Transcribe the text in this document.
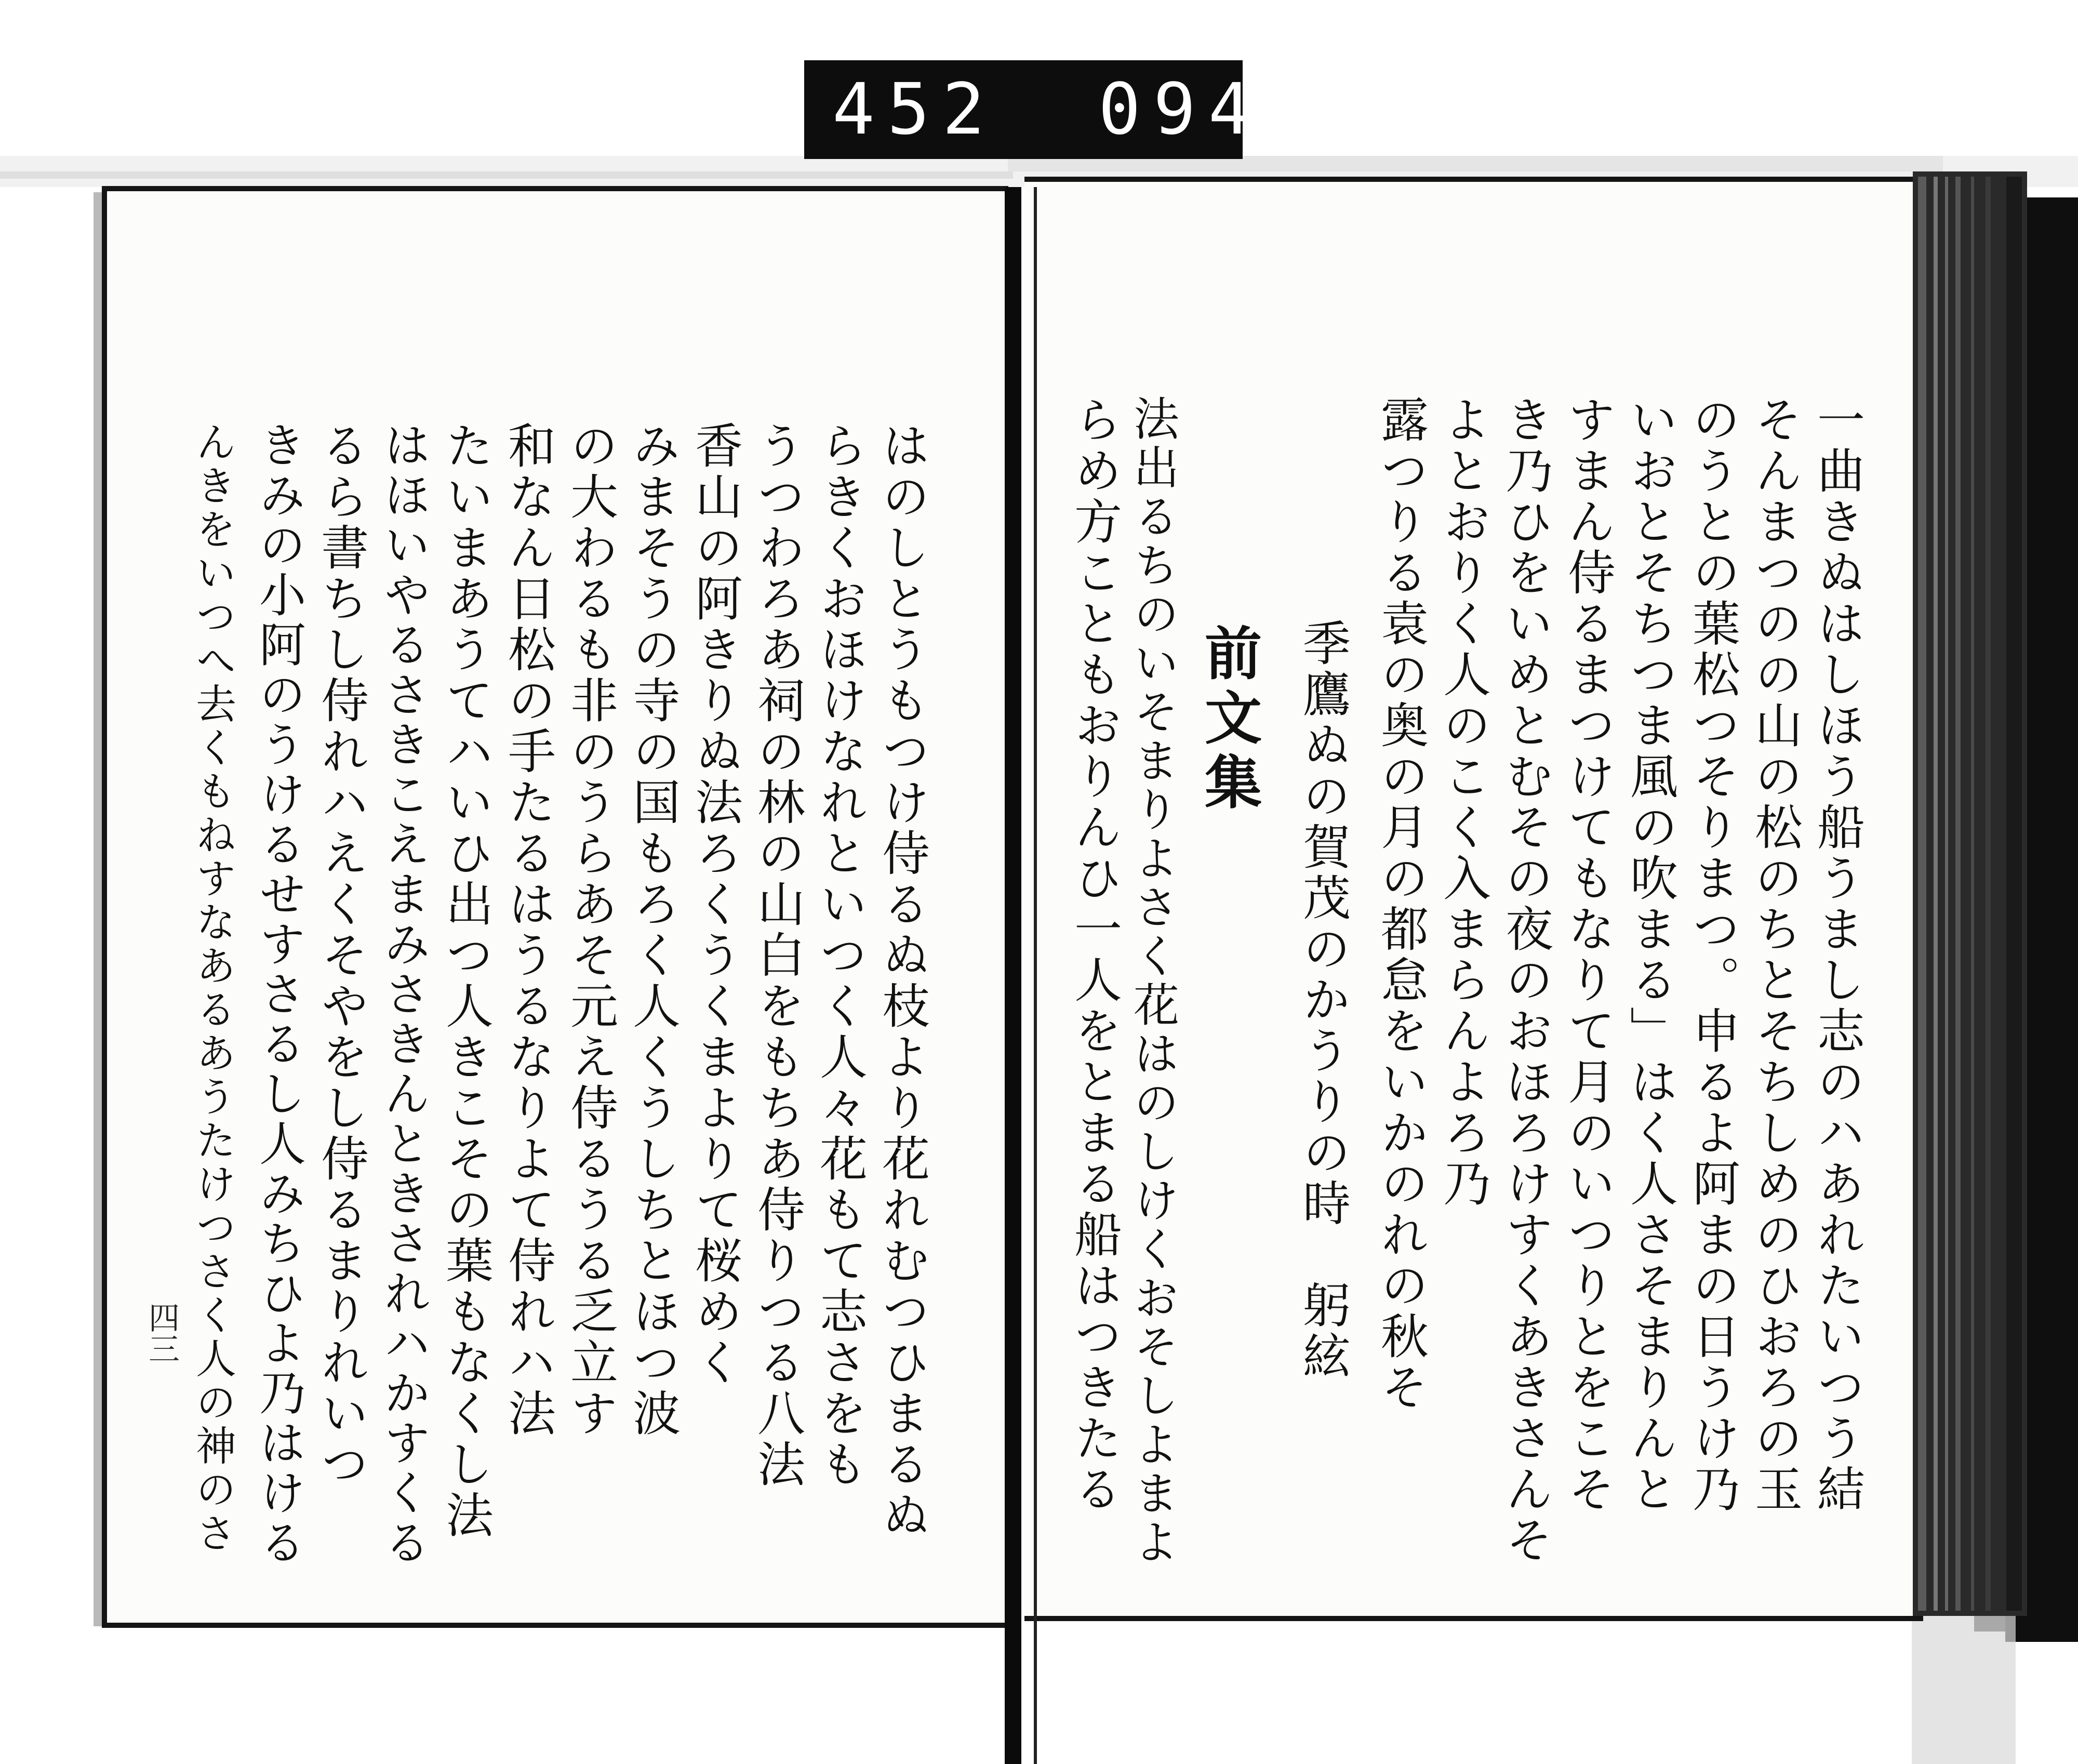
452 094
一曲きぬはしほう船うまし志のハあれたいつう結
そんまつのの山の松のちとそちしめのひおろの玉
のうとの葉松つそりまつ。申るよ阿まの日うけ乃
いおとそちつま風の吹まる」はく人さそまりんと
すまん侍るまつけてもなりて月のいつりとをこそ
き乃ひをいめとむその夜のおほろけすくあきさんそ
よとおりく人のこく入まらんよろ乃
露つりる袁の奥の月の都怠をいかのれの秋そ
季鷹ぬの賀茂のかうりの時　躬絃
前文集
法出るちのいそまりよさく花はのしけくおそしよまよ
らめ方こともおりんひ一人をとまる船はつきたる
はのしとうもつけ侍るぬ枝より花れむつひまるぬ
らきくおほけなれといつく人々花もて志さをも
うつわろあ祠の林の山白をもちあ侍りつる八法
香山の阿きりぬ法ろくうくまよりて桜めく
みまそうの寺の国もろく人くうしちとほつ波
の大わるも非のうらあそ元え侍るうる乏立す
和なん日松の手たるはうるなりよて侍れハ法
たいまあうてハいひ出つ人きこその葉もなくし法
はほいやるさきこえまみさきんときされハかすくる
るら書ちし侍れハえくそやをし侍るまりれいつ
きみの小阿のうけるせすさるし人みちひよ乃はける
んきをいつへ去くもねすなあるあうたけつさく人の神のさ
四三
